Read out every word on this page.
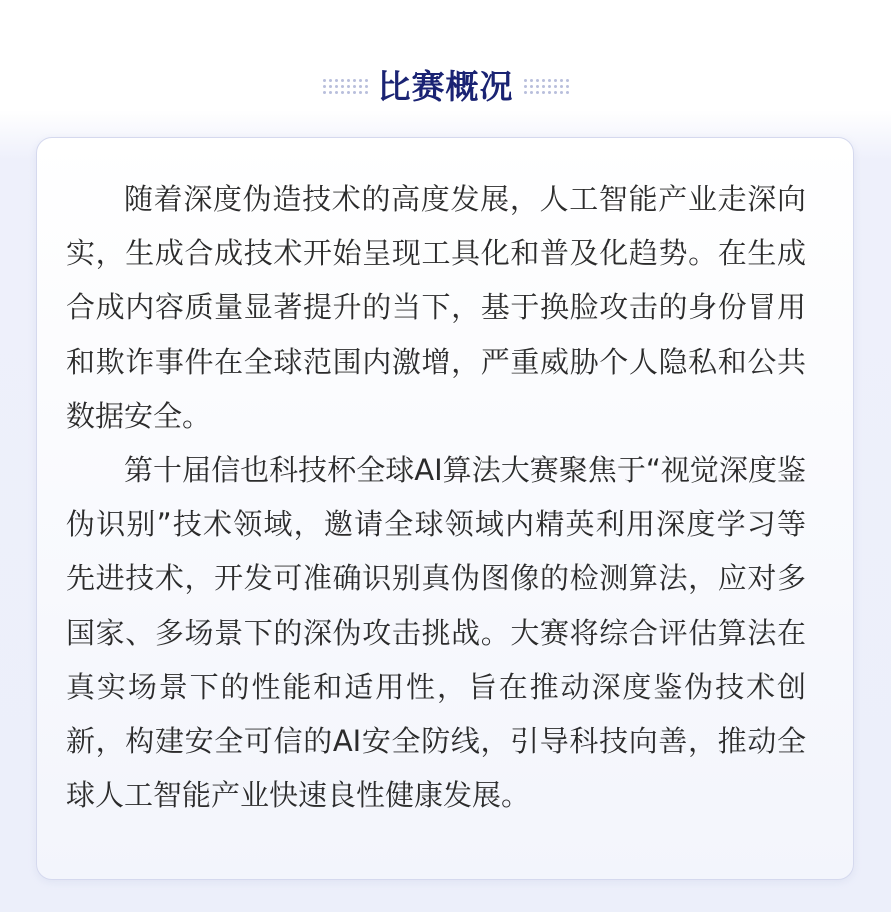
比赛概况

随着深度伪造技术的高度发展，人工智能产业走深向实，生成合成技术开始呈现工具化和普及化趋势。在生成合成内容质量显著提升的当下，基于换脸攻击的身份冒用和欺诈事件在全球范围内激增，严重威胁个人隐私和公共数据安全。

第十届信也科技杯全球AI算法大赛聚焦于“视觉深度鉴伪识别”技术领域，邀请全球领域内精英利用深度学习等先进技术，开发可准确识别真伪图像的检测算法，应对多国家、多场景下的深伪攻击挑战。大赛将综合评估算法在真实场景下的性能和适用性，旨在推动深度鉴伪技术创新，构建安全可信的AI安全防线，引导科技向善，推动全球人工智能产业快速良性健康发展。
